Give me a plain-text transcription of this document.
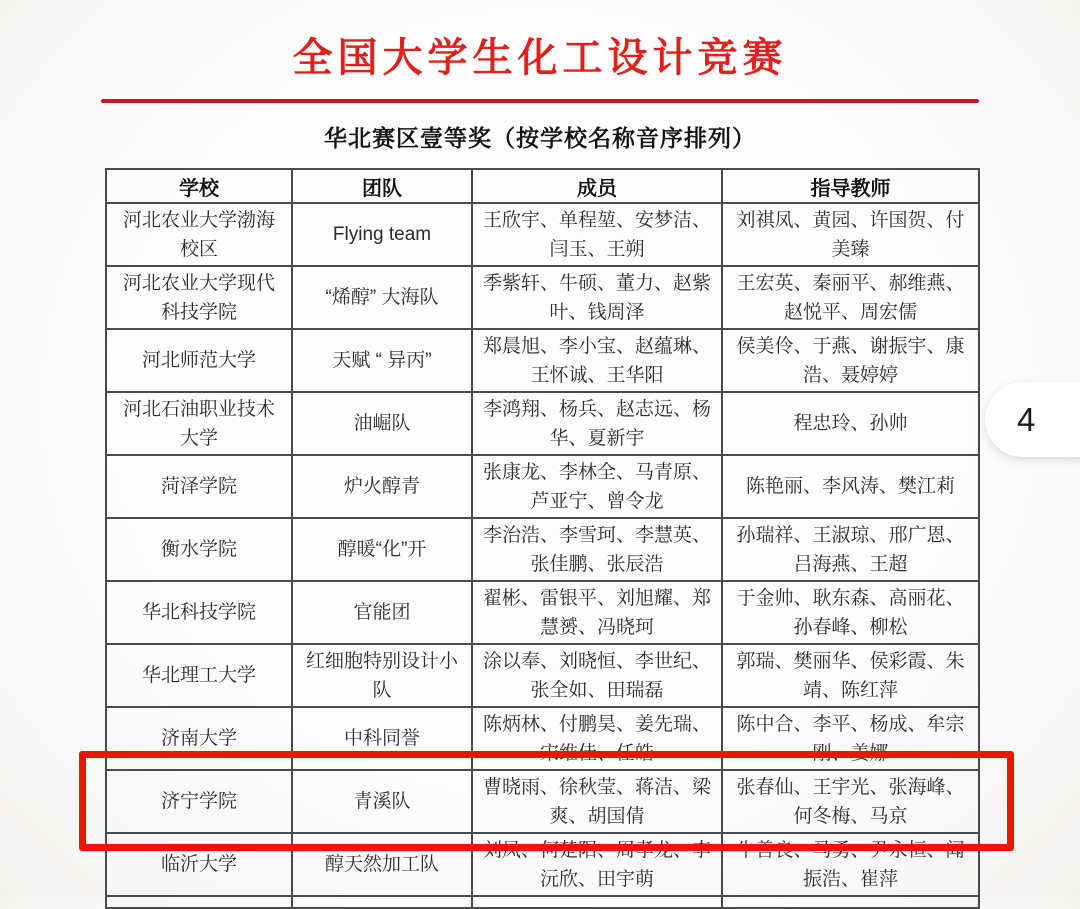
全国大学生化工设计竞赛
华北赛区壹等奖（按学校名称音序排列）
学校	团队	成员	指导教师
河北农业大学渤海校区	Flying team	王欣宇、单程堃、安梦洁、闫玉、王朔	刘祺凤、黄园、许国贺、付美臻
河北农业大学现代科技学院	“烯醇” 大海队	季紫轩、牛硕、董力、赵紫叶、钱周泽	王宏英、秦丽平、郝维燕、赵悦平、周宏儒
河北师范大学	天赋 “ 异丙”	郑晨旭、李小宝、赵蕴琳、王怀诚、王华阳	侯美伶、于燕、谢振宇、康浩、聂婷婷
河北石油职业技术大学	油崛队	李鸿翔、杨兵、赵志远、杨华、夏新宇	程忠玲、孙帅
菏泽学院	炉火醇青	张康龙、李林全、马青原、芦亚宁、曾令龙	陈艳丽、李风涛、樊江莉
衡水学院	醇暖“化”开	李治浩、李雪珂、李慧英、张佳鹏、张辰浩	孙瑞祥、王淑琼、邢广恩、吕海燕、王超
华北科技学院	官能团	翟彬、雷银平、刘旭耀、郑慧赟、冯晓珂	于金帅、耿东森、高丽花、孙春峰、柳松
华北理工大学	红细胞特别设计小队	涂以奉、刘晓恒、李世纪、张全如、田瑞磊	郭瑞、樊丽华、侯彩霞、朱靖、陈红萍
济南大学	中科同誉	陈炳林、付鹏昊、姜先瑞、宋维佳、任皓	陈中合、李平、杨成、牟宗刚、姜娜
济宁学院	青溪队	曹晓雨、徐秋莹、蒋洁、梁爽、胡国倩	张春仙、王宇光、张海峰、何冬梅、马京
临沂大学	醇天然加工队	刘凤、何楚阳、周孝龙、李沅欣、田宇萌	牛善良、马勇、尹永恒、闻振浩、崔萍

4
